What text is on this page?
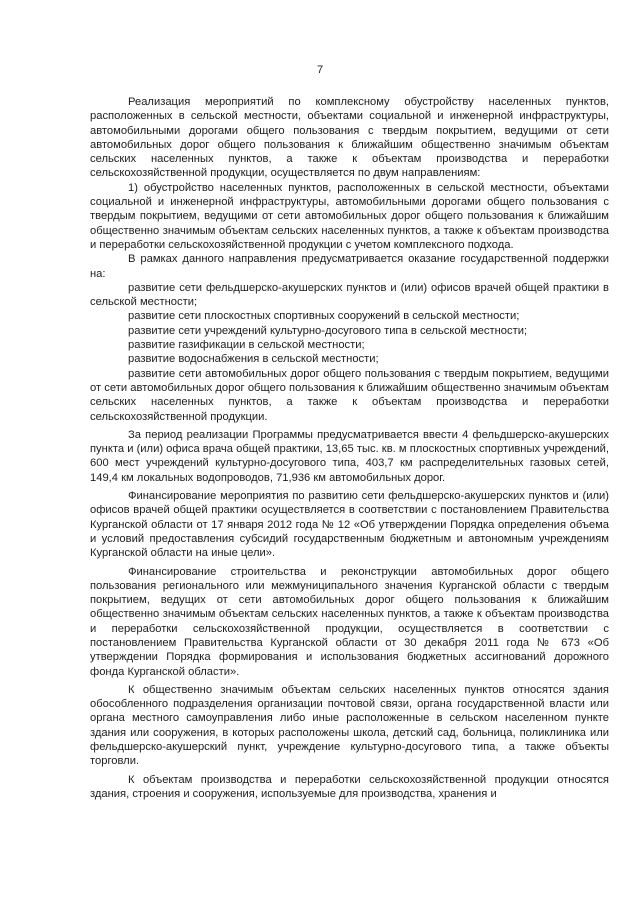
7

Реализация мероприятий по комплексному обустройству населенных пунктов, расположенных в сельской местности, объектами социальной и инженерной инфраструктуры, автомобильными дорогами общего пользования с твердым покрытием, ведущими от сети автомобильных дорог общего пользования к ближайшим общественно значимым объектам сельских населенных пунктов, а также к объектам производства и переработки сельскохозяйственной продукции, осуществляется по двум направлениям:

1) обустройство населенных пунктов, расположенных в сельской местности, объектами социальной и инженерной инфраструктуры, автомобильными дорогами общего пользования с твердым покрытием, ведущими от сети автомобильных дорог общего пользования к ближайшим общественно значимым объектам сельских населенных пунктов, а также к объектам производства и переработки сельскохозяйственной продукции с учетом комплексного подхода.

В рамках данного направления предусматривается оказание государственной поддержки на:

развитие сети фельдшерско-акушерских пунктов и (или) офисов врачей общей практики в сельской местности;

развитие сети плоскостных спортивных сооружений в сельской местности;

развитие сети учреждений культурно-досугового типа в сельской местности;

развитие газификации в сельской местности;

развитие водоснабжения в сельской местности;

развитие сети автомобильных дорог общего пользования с твердым покрытием, ведущими от сети автомобильных дорог общего пользования к ближайшим общественно значимым объектам сельских населенных пунктов, а также к объектам производства и переработки сельскохозяйственной продукции.

За период реализации Программы предусматривается ввести 4 фельдшерско-акушерских пункта и (или) офиса врача общей практики, 13,65 тыс. кв. м плоскостных спортивных учреждений, 600 мест учреждений культурно-досугового типа, 403,7 км распределительных газовых сетей, 149,4 км локальных водопроводов, 71,936 км автомобильных дорог.

Финансирование мероприятия по развитию сети фельдшерско-акушерских пунктов и (или) офисов врачей общей практики осуществляется в соответствии с постановлением Правительства Курганской области от 17 января 2012 года № 12 «Об утверждении Порядка определения объема и условий предоставления субсидий государственным бюджетным и автономным учреждениям Курганской области на иные цели».

Финансирование строительства и реконструкции автомобильных дорог общего пользования регионального или межмуниципального значения Курганской области с твердым покрытием, ведущих от сети автомобильных дорог общего пользования к ближайшим общественно значимым объектам сельских населенных пунктов, а также к объектам производства и переработки сельскохозяйственной продукции, осуществляется в соответствии с постановлением Правительства Курганской области от 30 декабря 2011 года № 673 «Об утверждении Порядка формирования и использования бюджетных ассигнований дорожного фонда Курганской области».

К общественно значимым объектам сельских населенных пунктов относятся здания обособленного подразделения организации почтовой связи, органа государственной власти или органа местного самоуправления либо иные расположенные в сельском населенном пункте здания или сооружения, в которых расположены школа, детский сад, больница, поликлиника или фельдшерско-акушерский пункт, учреждение культурно-досугового типа, а также объекты торговли.

К объектам производства и переработки сельскохозяйственной продукции относятся здания, строения и сооружения, используемые для производства, хранения и
